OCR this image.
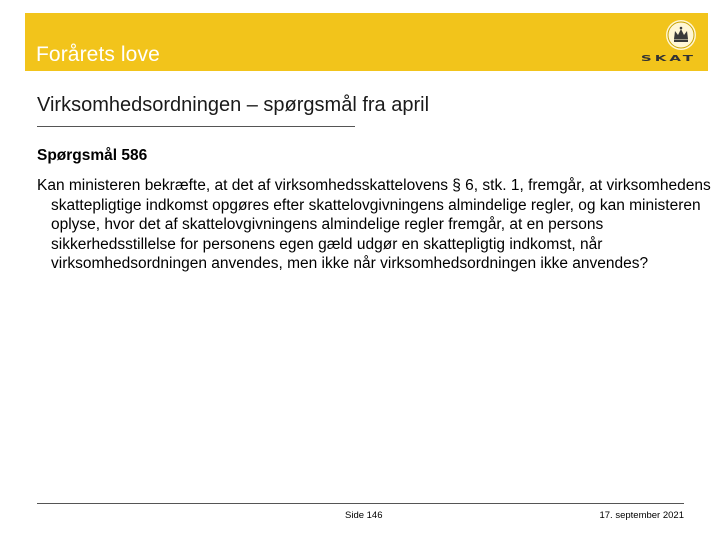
Forårets love	SKAT
Virksomhedsordningen – spørgsmål fra april
Spørgsmål 586
Kan ministeren bekræfte, at det af virksomhedsskattelovens § 6, stk. 1, fremgår, at virksomhedens skattepligtige indkomst opgøres efter skattelovgivningens almindelige regler, og kan ministeren oplyse, hvor det af skattelovgivningens almindelige regler fremgår, at en persons sikkerhedsstillelse for personens egen gæld udgør en skattepligtig indkomst, når virksomhedsordningen anvendes, men ikke når virksomhedsordningen ikke anvendes?
Side 146	17. september 2021
